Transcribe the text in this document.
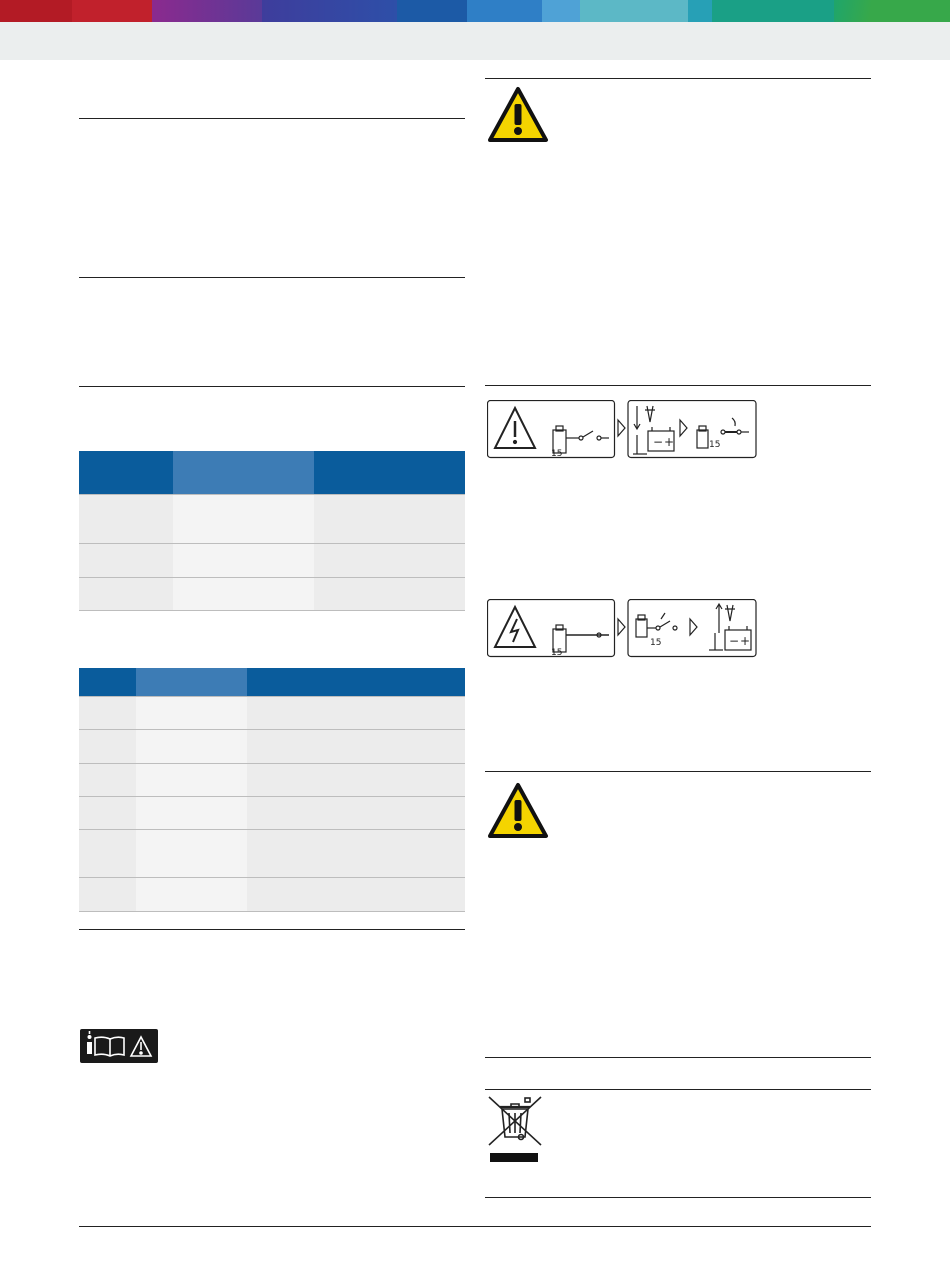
15
− +	15
15
15	− +
